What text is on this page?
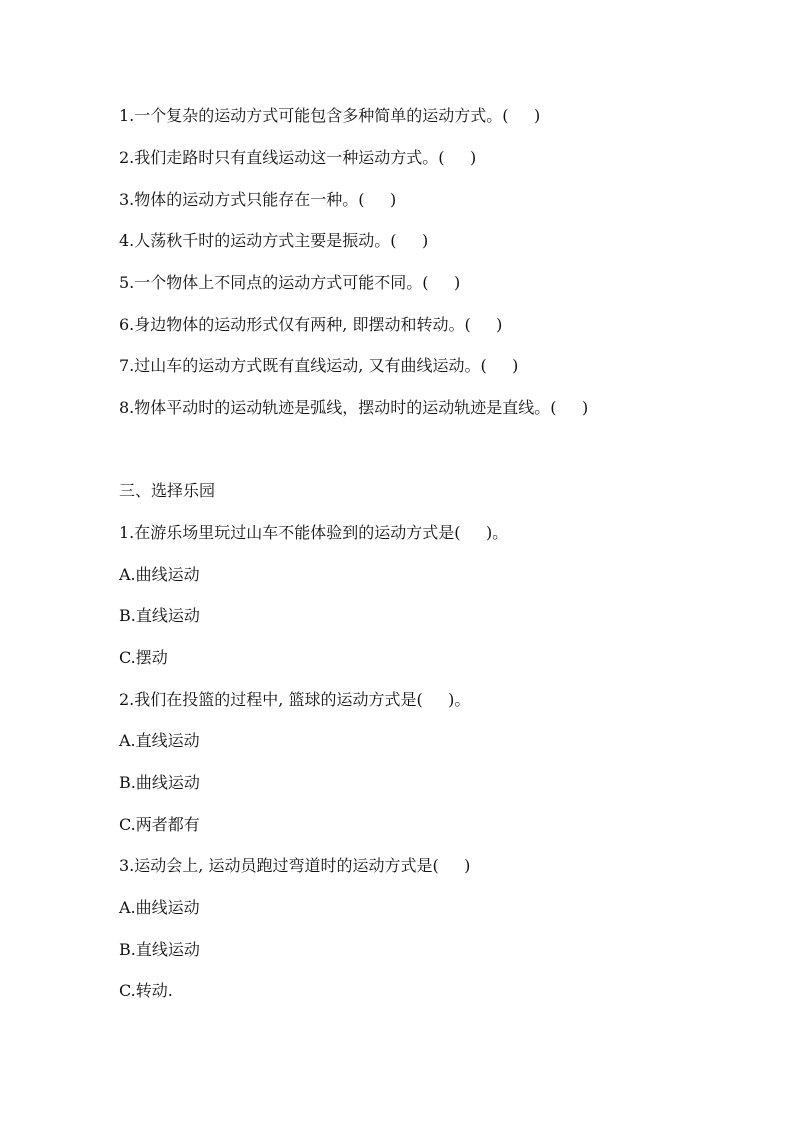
1.一个复杂的运动方式可能包含多种简单的运动方式。(     )
2.我们走路时只有直线运动这一种运动方式。(     )
3.物体的运动方式只能存在一种。(     )
4.人荡秋千时的运动方式主要是振动。(     )
5.一个物体上不同点的运动方式可能不同。(     )
6.身边物体的运动形式仅有两种, 即摆动和转动。(     )
7.过山车的运动方式既有直线运动, 又有曲线运动。(     )
8.物体平动时的运动轨迹是弧线，摆动时的运动轨迹是直线。(     )
三、选择乐园
1.在游乐场里玩过山车不能体验到的运动方式是(     )。
A.曲线运动
B.直线运动
C.摆动
2.我们在投篮的过程中, 篮球的运动方式是(     )。
A.直线运动
B.曲线运动
C.两者都有
3.运动会上, 运动员跑过弯道时的运动方式是(     )
A.曲线运动
B.直线运动
C.转动.
